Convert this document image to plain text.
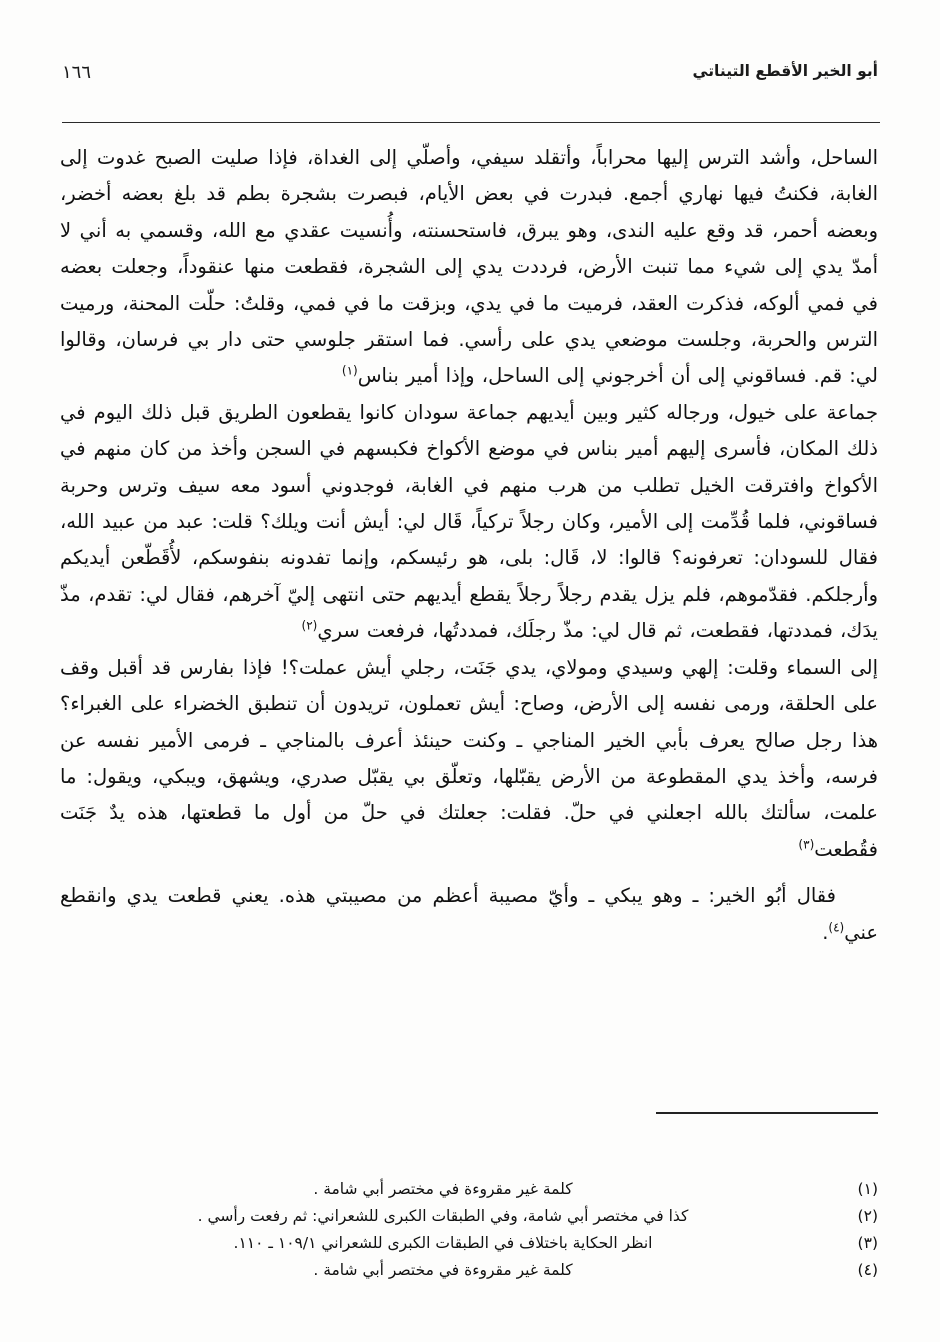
أبو الخير الأقطع التيناتي
١٦٦

الساحل، وأشد الترس إليها محراباً، وأتقلد سيفي، وأصلّي إلى الغداة، فإذا صليت الصبح غدوت إلى الغابة، فكنتُ فيها نهاري أجمع. فبدرت في بعض الأيام، فبصرت بشجرة بطم قد بلغ بعضه أخضر، وبعضه أحمر، قد وقع عليه الندى، وهو يبرق، فاستحسنته، وأُنسيت عقدي مع الله، وقسمي به أني لا أمدّ يدي إلى شيء مما تنبت الأرض، فرددت يدي إلى الشجرة، فقطعت منها عنقوداً، وجعلت بعضه في فمي ألوكه، فذكرت العقد، فرميت ما في يدي، وبزقت ما في فمي، وقلتُ: حلّت المحنة، ورميت الترس والحربة، وجلست موضعي يدي على رأسي. فما استقر جلوسي حتى دار بي فرسان، وقالوا لي: قم. فساقوني إلى أن أخرجوني إلى الساحل، وإذا أمير بناس$^{(١)}$

جماعة على خيول، ورجاله كثير وبين أيديهم جماعة سودان كانوا يقطعون الطريق قبل ذلك اليوم في ذلك المكان، فأسرى إليهم أمير بناس في موضع الأكواخ فكبسهم في السجن وأخذ من كان منهم في الأكواخ وافترقت الخيل تطلب من هرب منهم في الغابة، فوجدوني أسود معه سيف وترس وحربة فساقوني، فلما قُدِّمت إلى الأمير، وكان رجلاً تركياً، قَال لي: أيش أنت ويلك؟ قلت: عبد من عبيد الله، فقال للسودان: تعرفونه؟ قالوا: لا، قَال: بلى، هو رئيسكم، وإنما تفدونه بنفوسكم، لأُقَطّعن أيديكم وأرجلكم. فقدّموهم، فلم يزل يقدم رجلاً رجلاً يقطع أيديهم حتى انتهى إليّ آخرهم، فقال لي: تقدم، مذّ يدَك، فمددتها، فقطعت، ثم قال لي: مذّ رجلَك، فمددتُها، فرفعت سري$^{(٢)}$

إلى السماء وقلت: إلهي وسيدي ومولاي، يدي جَنَت، رجلي أيش عملت؟! فإذا بفارس قد أقبل وقف على الحلقة، ورمى نفسه إلى الأرض، وصاح: أيش تعملون، تريدون أن تنطبق الخضراء على الغبراء؟ هذا رجل صالح يعرف بأبي الخير المناجي ـ وكنت حينئذ أعرف بالمناجي ـ فرمى الأمير نفسه عن فرسه، وأخذ يدي المقطوعة من الأرض يقبّلها، وتعلّق بي يقبّل صدري، ويشهق، ويبكي، ويقول: ما علمت، سألتك بالله اجعلني في حلّ. فقلت: جعلتك في حلّ من أول ما قطعتها، هذه يدٌ جَنَت فقُطعت$^{(٣)}$

فقال أبُو الخير: ـ وهو يبكي ـ وأيّ مصيبة أعظم من مصيبتي هذه. يعني قطعت يدي وانقطع عني$^{(٤)}$.

(١)
كلمة غير مقروءة في مختصر أبي شامة .
(٢)
كذا في مختصر أبي شامة، وفي الطبقات الكبرى للشعراني: ثم رفعت رأسي .
(٣)
انظر الحكاية باختلاف في الطبقات الكبرى للشعراني ١٠٩/١ ـ ١١٠.
(٤)
كلمة غير مقروءة في مختصر أبي شامة .
